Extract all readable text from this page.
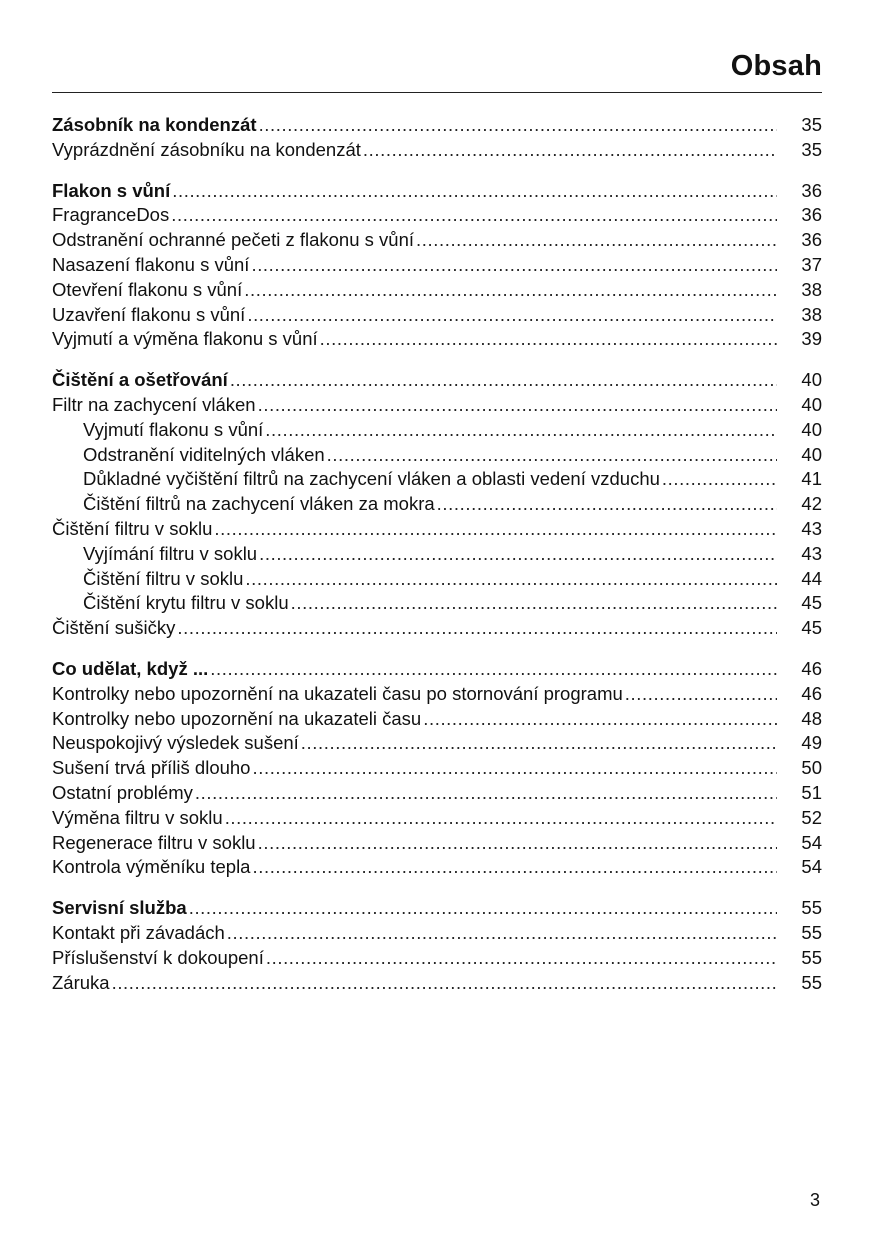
Obsah
Zásobník na kondenzát .....	35
Vyprázdnění zásobníku na kondenzát .....	35
Flakon s vůní .....	36
FragranceDos .....	36
Odstranění ochranné pečeti z flakonu s vůní .....	36
Nasazení flakonu s vůní .....	37
Otevření flakonu s vůní .....	38
Uzavření flakonu s vůní .....	38
Vyjmutí a výměna flakonu s vůní .....	39
Čištění a ošetřování .....	40
Filtr na zachycení vláken .....	40
Vyjmutí flakonu s vůní .....	40
Odstranění viditelných vláken .....	40
Důkladné vyčištění filtrů na zachycení vláken a oblasti vedení vzduchu .....	41
Čištění filtrů na zachycení vláken za mokra .....	42
Čištění filtru v soklu .....	43
Vyjímání filtru v soklu .....	43
Čištění filtru v soklu .....	44
Čištění krytu filtru v soklu .....	45
Čištění sušičky .....	45
Co udělat, když ... .....	46
Kontrolky nebo upozornění na ukazateli času po stornování programu .....	46
Kontrolky nebo upozornění na ukazateli času .....	48
Neuspokojivý výsledek sušení .....	49
Sušení trvá příliš dlouho .....	50
Ostatní problémy .....	51
Výměna filtru v soklu .....	52
Regenerace filtru v soklu .....	54
Kontrola výměníku tepla .....	54
Servisní služba .....	55
Kontakt při závadách .....	55
Příslušenství k dokoupení .....	55
Záruka .....	55
3
